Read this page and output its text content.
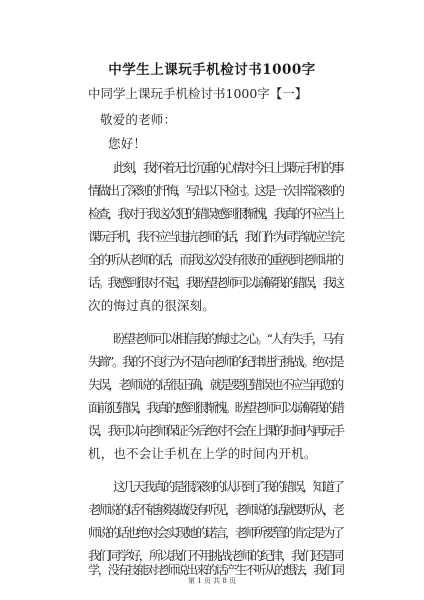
中学生上课玩手机检讨书1000字
中同学上课玩手机检讨书1000字【一】
敬爱的老师：
您好！
此刻，我怀着无比沉重的心情对今日上课玩手机的事
情做出了深刻的忏悔，写出以下检讨。这是一次非常深刻的
检查，我对于我这次犯的错误感到很惭愧，我真的不应当上
课玩手机，我不应当违抗老师的话，我们作为同学就应当完
全的听从老师的话，而我这次没有很好的重视到老师讲的
话。我感到很对不起，我盼望老师可以谅解我的错误，我这
次的悔过真的很深刻。
盼望老师可以相信我的悔过之心。“人有失手，马有
失蹄”。我的不良行为不是向老师的纪律进行挑战。绝对是
失误，老师说的话很正确，就是要犯错误也不应当再您的
面前犯错误，我真的感到很惭愧。盼望老师可以谅解我的错
误，我可以向老师保证今后绝对不会在上课的时间内再玩手
机，也不会让手机在上学的时间内开机。
这几天我真的是很深刻的认识到了我的错误，知道了
老师说的话不能够装做没有听见，老师说的话就要听从，老
师说的话也绝对会实现她的诺言，老师所要管的肯定是为了
我们同学好，所以我们不用挑战老师的纪律，我们还是同
第 1 页 共 8 页
学，没有技能对老师说出来的话产生不听从的想法，我们同
